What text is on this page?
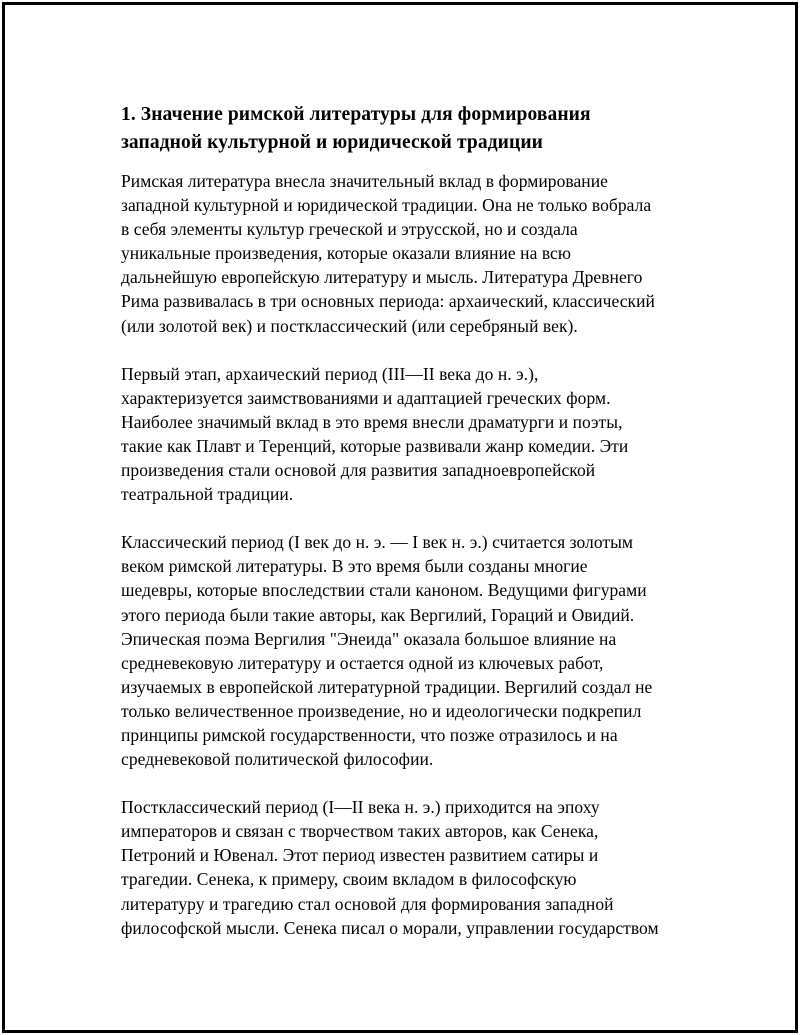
1. Значение римской литературы для формирования
западной культурной и юридической традиции

Римская литература внесла значительный вклад в формирование
западной культурной и юридической традиции. Она не только вобрала
в себя элементы культур греческой и этрусской, но и создала
уникальные произведения, которые оказали влияние на всю
дальнейшую европейскую литературу и мысль. Литература Древнего
Рима развивалась в три основных периода: архаический, классический
(или золотой век) и постклассический (или серебряный век).

Первый этап, архаический период (III—II века до н. э.),
характеризуется заимствованиями и адаптацией греческих форм.
Наиболее значимый вклад в это время внесли драматурги и поэты,
такие как Плавт и Теренций, которые развивали жанр комедии. Эти
произведения стали основой для развития западноевропейской
театральной традиции.

Классический период (I век до н. э. — I век н. э.) считается золотым
веком римской литературы. В это время были созданы многие
шедевры, которые впоследствии стали каноном. Ведущими фигурами
этого периода были такие авторы, как Вергилий, Гораций и Овидий.
Эпическая поэма Вергилия "Энеида" оказала большое влияние на
средневековую литературу и остается одной из ключевых работ,
изучаемых в европейской литературной традиции. Вергилий создал не
только величественное произведение, но и идеологически подкрепил
принципы римской государственности, что позже отразилось и на
средневековой политической философии.

Постклассический период (I—II века н. э.) приходится на эпоху
императоров и связан с творчеством таких авторов, как Сенека,
Петроний и Ювенал. Этот период известен развитием сатиры и
трагедии. Сенека, к примеру, своим вкладом в философскую
литературу и трагедию стал основой для формирования западной
философской мысли. Сенека писал о морали, управлении государством
